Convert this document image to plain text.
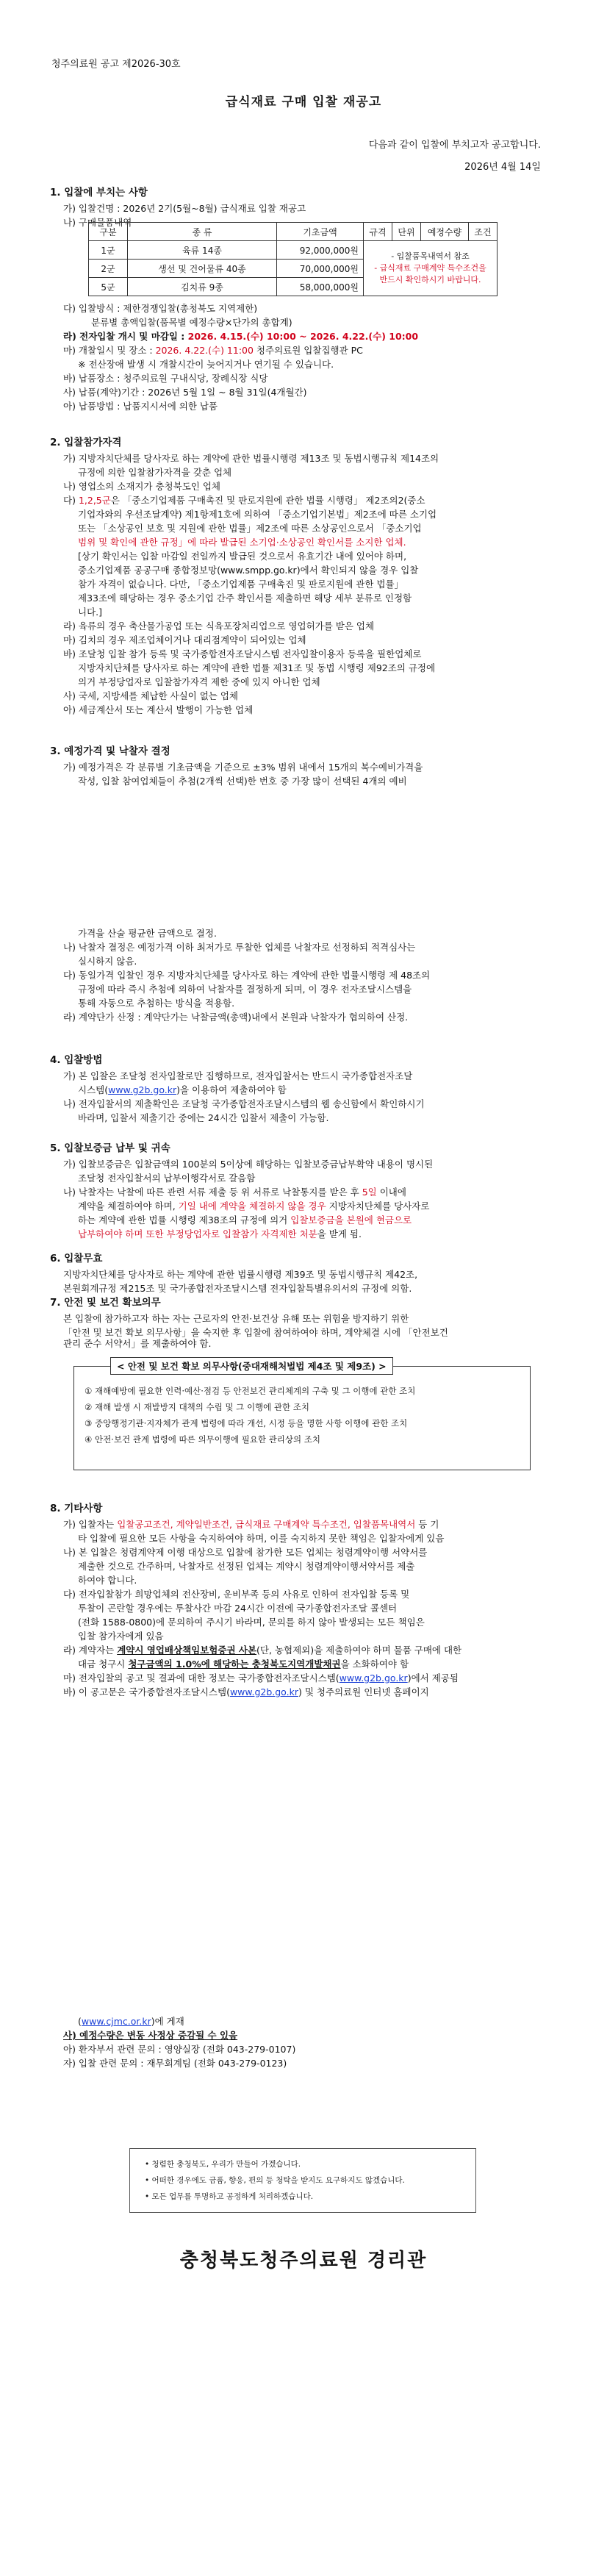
청주의료원 공고 제2026-30호
급식재료 구매 입찰 재공고
다음과 같이 입찰에 부치고자 공고합니다.
2026년 4월 14일

1. 입찰에 부치는 사항

가) 입찰건명 : 2026년 2기(5월~8월) 급식재료 입찰 재공고

나) 구매물품내역

구분	종 류	기초금액	규격	단위	예정수량	조건
1군	육류 14종	92,000,000원	- 입찰품목내역서 참조
- 급식재료 구매계약 특수조건을
반드시 확인하시기 바랍니다.			

2군	생선 및 건어물류 40종	70,000,000원				
5군	김치류 9종	58,000,000원				

다) 입찰방식 : 제한경쟁입찰(총청북도 지역제한)

분류별 총액입찰(품목별 예정수량×단가의 총합계)

라) 전자입찰 개시 및 마감일 : 2026. 4.15.(수) 10:00 ~ 2026. 4.22.(수) 10:00

마) 개찰일시 및 장소 : 2026. 4.22.(수) 11:00 청주의료원 입찰집행관 PC

※ 전산장애 발생 시 개찰시간이 늦어지거나 연기될 수 있습니다.

바) 납품장소 : 청주의료원 구내식당, 장례식장 식당

사) 납품(계약)기간 : 2026년 5월 1일 ~ 8월 31일(4개월간)

아) 납품방법 : 납품지시서에 의한 납품

2. 입찰참가자격

가) 지방자치단체를 당사자로 하는 계약에 관한 법률시행령 제13조 및 동법시행규칙 제14조의

규정에 의한 입찰참가자격을 갖춘 업체

나) 영업소의 소재지가 충청북도인 업체

다) 1,2,5군은 「중소기업제품 구매촉진 및 판로지원에 관한 법률 시행령」 제2조의2(중소

기업자와의 우선조달계약) 제1항제1호에 의하여 「중소기업기본법」제2조에 따른 소기업

또는 「소상공인 보호 및 지원에 관한 법률」제2조에 따른 소상공인으로서 「중소기업

범위 및 확인에 관한 규정」에 따라 발급된 소기업·소상공인 확인서를 소지한 업체.

[상기 확인서는 입찰 마감일 전일까지 발급된 것으로서 유효기간 내에 있어야 하며,

중소기업제품 공공구매 종합정보망(www.smpp.go.kr)에서 확인되지 않을 경우 입찰

참가 자격이 없습니다. 다만, 「중소기업제품 구매촉진 및 판로지원에 관한 법률」

제33조에 해당하는 경우 중소기업 간주 확인서를 제출하면 해당 세부 분류로 인정함

니다.]

라) 육류의 경우 축산물가공업 또는 식육포장처리업으로 영업허가를 받은 업체

마) 김치의 경우 제조업체이거나 대리점계약이 되어있는 업체

바) 조달청 입찰 참가 등록 및 국가종합전자조달시스템 전자입찰이용자 등록을 필한업체로

지방자치단체를 당사자로 하는 계약에 관한 법률 제31조 및 동법 시행령 제92조의 규정에

의거 부정당업자로 입찰참가자격 제한 중에 있지 아니한 업체

사) 국세, 지방세를 체납한 사실이 없는 업체

아) 세금계산서 또는 계산서 발행이 가능한 업체

3. 예정가격 및 낙찰자 결정

가) 예정가격은 각 분류별 기초금액을 기준으로 ±3% 범위 내에서 15개의 복수예비가격을

작성, 입찰 참여업체들이 추첨(2개씩 선택)한 번호 중 가장 많이 선택된 4개의 예비

가격을 산술 평균한 금액으로 결정.

나) 낙찰자 결정은 예정가격 이하 최저가로 투찰한 업체를 낙찰자로 선정하되 적격심사는

실시하지 않음.

다) 동일가격 입찰인 경우 지방자치단체를 당사자로 하는 계약에 관한 법률시행령 제 48조의

규정에 따라 즉시 추첨에 의하여 낙찰자를 결정하게 되며, 이 경우 전자조달시스템을

통해 자동으로 추첨하는 방식을 적용함.

라) 계약단가 산정 : 계약단가는 낙찰금액(총액)내에서 본원과 낙찰자가 협의하여 산정.

4. 입찰방법

가) 본 입찰은 조달청 전자입찰로만 집행하므로, 전자입찰서는 반드시 국가종합전자조달

시스템(www.g2b.go.kr)을 이용하여 제출하여야 함

나) 전자입찰서의 제출확인은 조달청 국가종합전자조달시스템의 웹 송신함에서 확인하시기

바라며, 입찰서 제출기간 중에는 24시간 입찰서 제출이 가능함.

5. 입찰보증금 납부 및 귀속

가) 입찰보증금은 입찰금액의 100분의 5이상에 해당하는 입찰보증금납부확약 내용이 명시된

조달청 전자입찰서의 납부이행각서로 갈음함

나) 낙찰자는 낙찰에 따른 관련 서류 제출 등 위 서류로 낙찰통지를 받은 후 5일 이내에

계약을 체결하여야 하며, 기일 내에 계약을 체결하지 않을 경우 지방자치단체를 당사자로

하는 계약에 관한 법률 시행령 제38조의 규정에 의거 입찰보증금을 본원에 현금으로

납부하여야 하며 또한 부정당업자로 입찰참가 자격제한 처분을 받게 됨.

6. 입찰무효

지방자치단체를 당사자로 하는 계약에 관한 법률시행령 제39조 및 동법시행규칙 제42조,

본원회계규정 제215조 및 국가종합전자조달시스템 전자입찰특별유의서의 규정에 의함.

7. 안전 및 보건 확보의무

본 입찰에 참가하고자 하는 자는 근로자의 안전·보건상 유해 또는 위험을 방지하기 위한

「안전 및 보건 확보 의무사항」을 숙지한 후 입찰에 참여하여야 하며, 계약체결 시에 「안전보건

관리 준수 서약서」를 제출하여야 함.

① 재해예방에 필요한 인력·예산·점검 등 안전보건 관리체계의 구축 및 그 이행에 관한 조치
② 재해 발생 시 재발방지 대책의 수립 및 그 이행에 관한 조치
③ 중앙행정기관·지자체가 관계 법령에 따라 개선, 시정 등을 명한 사항 이행에 관한 조치
④ 안전·보건 관계 법령에 따른 의무이행에 필요한 관리상의 조치
< 안전 및 보건 확보 의무사항(중대재해처벌법 제4조 및 제9조) >

8. 기타사항

가) 입찰자는 입찰공고조건, 계약일반조건, 급식재료 구매계약 특수조건, 입찰품목내역서 등 기

타 입찰에 필요한 모든 사항을 숙지하여야 하며, 이를 숙지하지 못한 책임은 입찰자에게 있음

나) 본 입찰은 청렴계약제 이행 대상으로 입찰에 참가한 모든 업체는 청렴계약이행 서약서를

제출한 것으로 간주하며, 낙찰자로 선정된 업체는 계약시 청렴계약이행서약서를 제출

하여야 합니다.

다) 전자입찰참가 희망업체의 전산장비, 운비부족 등의 사유로 인하여 전자입찰 등록 및

투찰이 곤란할 경우에는 투찰사간 마감 24시간 이전에 국가종합전자조달 콜센터

(전화 1588-0800)에 문의하여 주시기 바라며, 문의를 하지 않아 발생되는 모든 책임은

입찰 참가자에게 있음

라) 계약자는 계약시 영업배상책임보험증권 사본(단, 농협제외)을 제출하여야 하며 물품 구매에 대한

대금 청구시 청구금액의 1.0%에 해당하는 충청북도지역개발채권을 소화하여야 함

마) 전자입찰의 공고 및 결과에 대한 정보는 국가종합전자조달시스템(www.g2b.go.kr)에서 제공됨

바) 이 공고문은 국가종합전자조달시스템(www.g2b.go.kr) 및 청주의료원 인터넷 홈페이지

(www.cjmc.or.kr)에 게재

사) 예정수량은 변동 사정상 증감될 수 있음

아) 환자부서 관련 문의 : 영양실장 (전화 043-279-0107)

자) 입찰 관련 문의 : 재무회계팀 (전화 043-279-0123)

• 청렴한 충청북도, 우리가 만들어 가겠습니다.
• 어떠한 경우에도 금품, 향응, 편의 등 청탁을 받지도 요구하지도 않겠습니다.
• 모든 업무를 투명하고 공정하게 처리하겠습니다.
충청북도청주의료원 경리관
